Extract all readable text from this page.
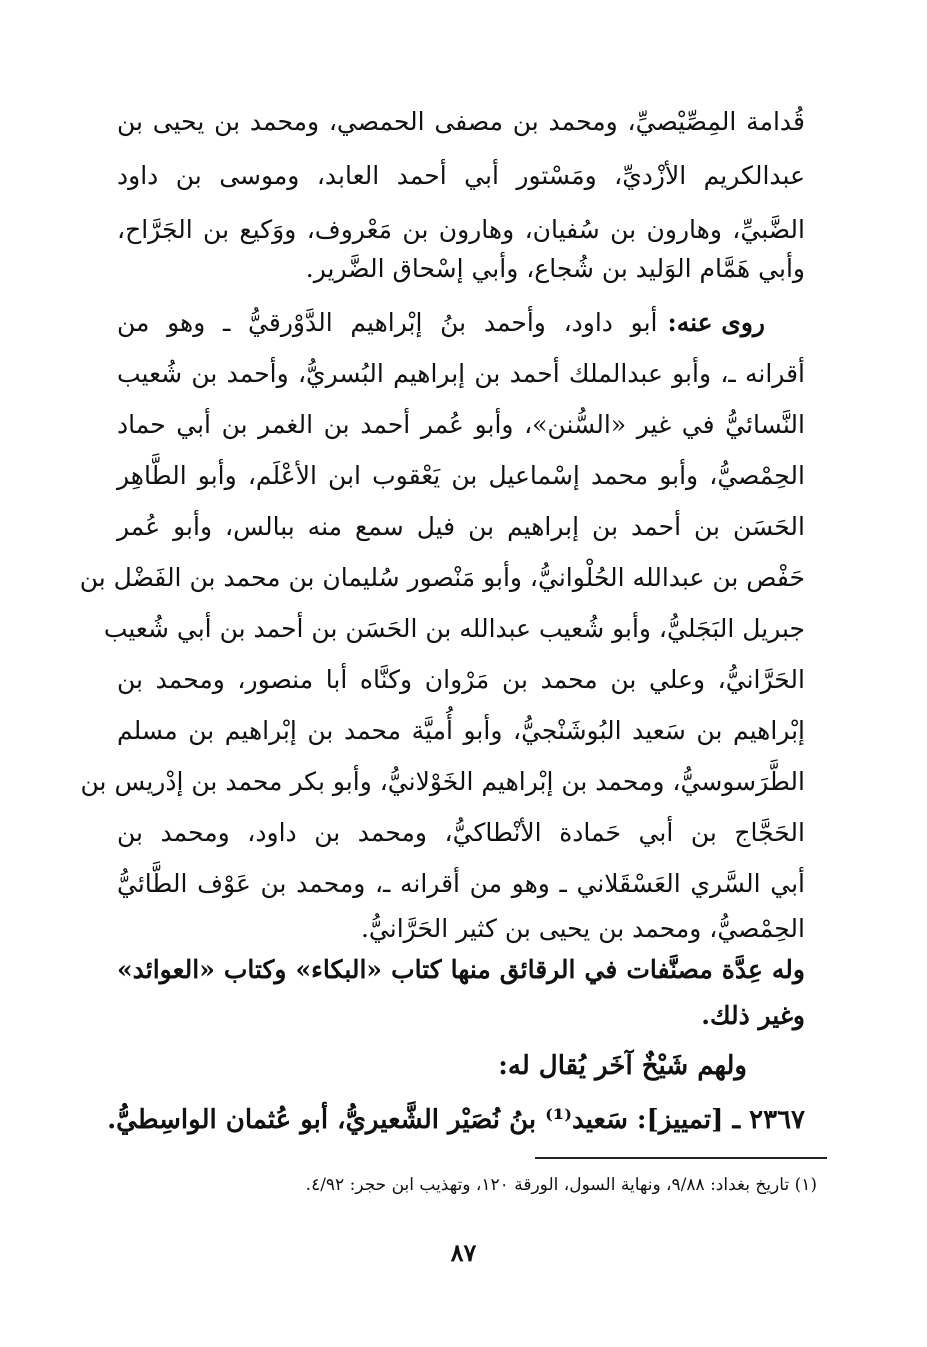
قُدامة المِصِّيْصيِّ، ومحمد بن مصفى الحمصي، ومحمد بن يحيى بن
عبدالكريم الأزْديِّ، ومَسْتور أبي أحمد العابد، وموسى بن داود
الضَّبيِّ، وهارون بن سُفيان، وهارون بن مَعْروف، ووَكيع بن الجَرَّاح،
وأبي هَمَّام الوَليد بن شُجاع، وأبي إسْحاق الضَّرير.
روى عنه:أبو داود، وأحمد بنُ إبْراهيم الدَّوْرقيُّ ـ وهو من
أقرانه ـ، وأبو عبدالملك أحمد بن إبراهيم البُسريُّ، وأحمد بن شُعيب
النَّسائيُّ في غير «السُّنن»، وأبو عُمر أحمد بن الغمر بن أبي حماد
الحِمْصيُّ، وأبو محمد إسْماعيل بن يَعْقوب ابن الأعْلَم، وأبو الطَّاهِر
الحَسَن بن أحمد بن إبراهيم بن فيل سمع منه ببالس، وأبو عُمر
حَفْص بن عبدالله الحُلْوانيُّ، وأبو مَنْصور سُليمان بن محمد بن الفَضْل بن
جبريل البَجَليُّ، وأبو شُعيب عبدالله بن الحَسَن بن أحمد بن أبي شُعيب
الحَرَّانيُّ، وعلي بن محمد بن مَرْوان وكنَّاه أبا منصور، ومحمد بن
إبْراهيم بن سَعيد البُوشَنْجيُّ، وأبو أُميَّة محمد بن إبْراهيم بن مسلم
الطَّرَسوسيُّ، ومحمد بن إبْراهيم الخَوْلانيُّ، وأبو بكر محمد بن إدْريس بن
الحَجَّاج بن أبي حَمادة الأنْطاكيُّ، ومحمد بن داود، ومحمد بن
أبي السَّري العَسْقَلاني ـ وهو من أقرانه ـ، ومحمد بن عَوْف الطَّائيُّ
الحِمْصيُّ، ومحمد بن يحيى بن كثير الحَرَّانيُّ.
وله عِدَّة مصنَّفات في الرقائق منها كتاب «البكاء» وكتاب «العوائد»
وغير ذلك.
ولهم شَيْخٌ آخَر يُقال له:
٢٣٦٧ ـ [تمييز]: سَعيد⁽¹⁾ بنُ نُصَيْر الشَّعيريُّ، أبو عُثمان الواسِطيُّ.
(١) تاريخ بغداد: ٩/٨٨، ونهاية السول، الورقة ١٢٠، وتهذيب ابن حجر: ٤/٩٢.
٨٧
